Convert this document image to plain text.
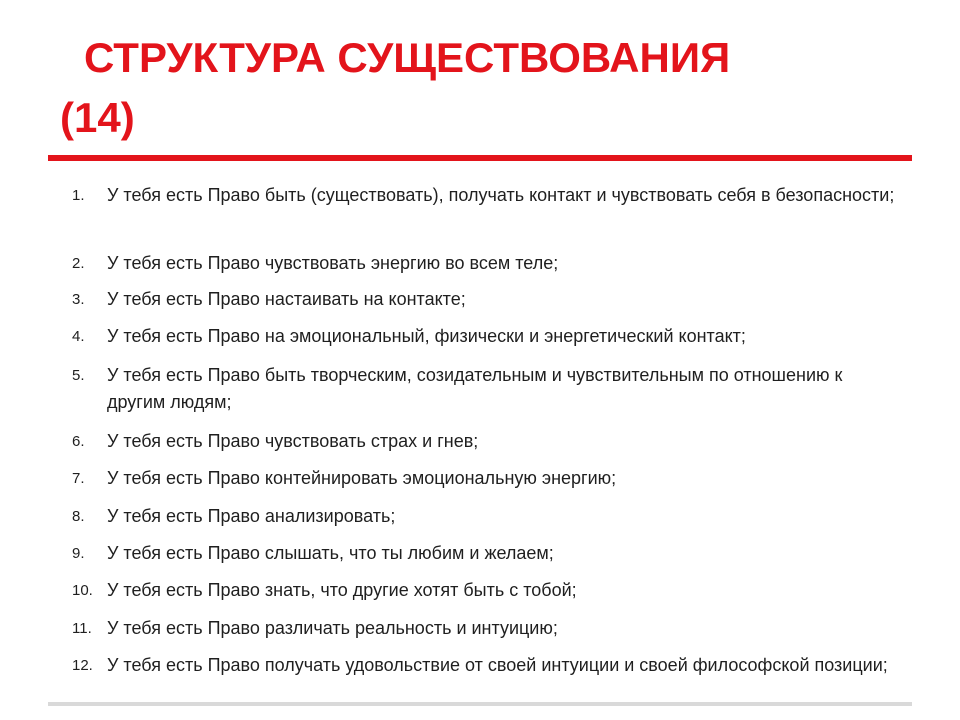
СТРУКТУРА СУЩЕСТВОВАНИЯ
(14)
1. У тебя есть Право быть (существовать), получать контакт и чувствовать себя в безопасности;
2. У тебя есть Право чувствовать энергию во всем теле;
3. У тебя есть Право настаивать на контакте;
4. У тебя есть Право на эмоциональный, физически и энергетический контакт;
5. У тебя есть Право быть творческим, созидательным и чувствительным по отношению к другим людям;
6. У тебя есть Право чувствовать страх и гнев;
7. У тебя есть Право контейнировать эмоциональную энергию;
8. У тебя есть Право анализировать;
9. У тебя есть Право слышать, что ты любим и желаем;
10. У тебя есть Право знать, что другие хотят быть с тобой;
11. У тебя есть Право различать реальность и интуицию;
12. У тебя есть Право получать удовольствие от своей интуиции и своей философской позиции;
